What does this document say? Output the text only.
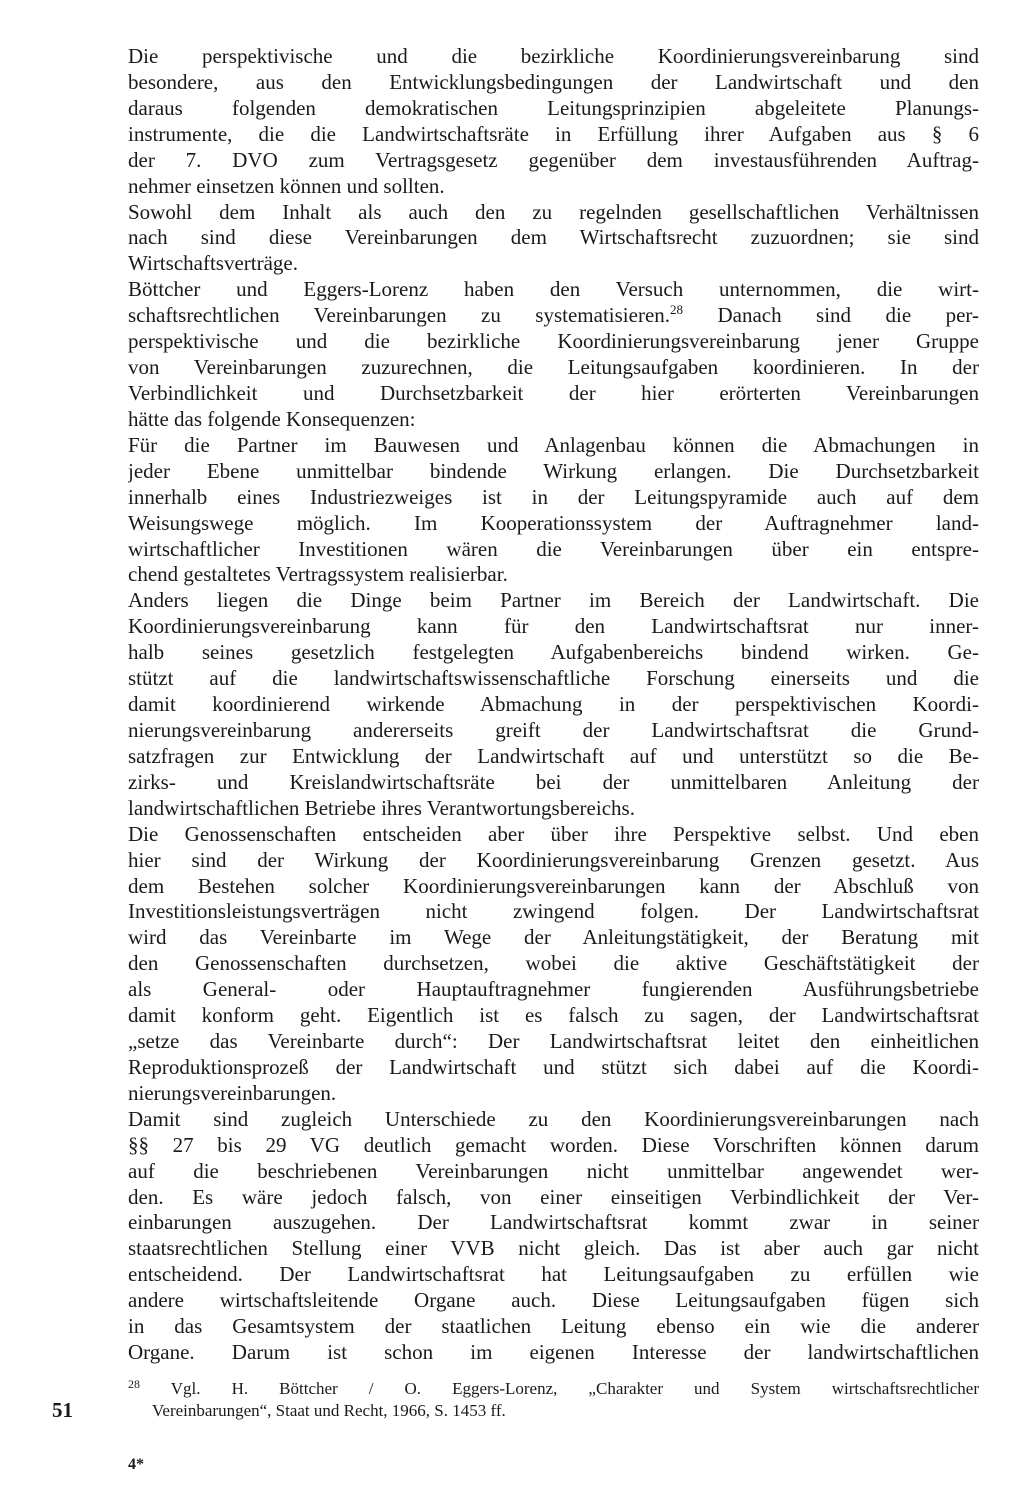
Die perspektivische und die bezirkliche Koordinierungsvereinbarung sind
besondere, aus den Entwicklungsbedingungen der Landwirtschaft und den
daraus folgenden demokratischen Leitungsprinzipien abgeleitete Planungs-
instrumente, die die Landwirtschaftsräte in Erfüllung ihrer Aufgaben aus § 6
der 7. DVO zum Vertragsgesetz gegenüber dem investausführenden Auftrag-
nehmer einsetzen können und sollten.
Sowohl dem Inhalt als auch den zu regelnden gesellschaftlichen Verhältnissen
nach sind diese Vereinbarungen dem Wirtschaftsrecht zuzuordnen; sie sind
Wirtschaftsverträge.
Böttcher und Eggers-Lorenz haben den Versuch unternommen, die wirt-
schaftsrechtlichen Vereinbarungen zu systematisieren.$^{28}$ Danach sind die per-
perspektivische und die bezirkliche Koordinierungsvereinbarung jener Gruppe
von Vereinbarungen zuzurechnen, die Leitungsaufgaben koordinieren. In der
Verbindlichkeit und Durchsetzbarkeit der hier erörterten Vereinbarungen
hätte das folgende Konsequenzen:
Für die Partner im Bauwesen und Anlagenbau können die Abmachungen in
jeder Ebene unmittelbar bindende Wirkung erlangen. Die Durchsetzbarkeit
innerhalb eines Industriezweiges ist in der Leitungspyramide auch auf dem
Weisungswege möglich. Im Kooperationssystem der Auftragnehmer land-
wirtschaftlicher Investitionen wären die Vereinbarungen über ein entspre-
chend gestaltetes Vertragssystem realisierbar.
Anders liegen die Dinge beim Partner im Bereich der Landwirtschaft. Die
Koordinierungsvereinbarung kann für den Landwirtschaftsrat nur inner-
halb seines gesetzlich festgelegten Aufgabenbereichs bindend wirken. Ge-
stützt auf die landwirtschaftswissenschaftliche Forschung einerseits und die
damit koordinierend wirkende Abmachung in der perspektivischen Koordi-
nierungsvereinbarung andererseits greift der Landwirtschaftsrat die Grund-
satzfragen zur Entwicklung der Landwirtschaft auf und unterstützt so die Be-
zirks- und Kreislandwirtschaftsräte bei der unmittelbaren Anleitung der
landwirtschaftlichen Betriebe ihres Verantwortungsbereichs.
Die Genossenschaften entscheiden aber über ihre Perspektive selbst. Und eben
hier sind der Wirkung der Koordinierungsvereinbarung Grenzen gesetzt. Aus
dem Bestehen solcher Koordinierungsvereinbarungen kann der Abschluß von
Investitionsleistungsverträgen nicht zwingend folgen. Der Landwirtschaftsrat
wird das Vereinbarte im Wege der Anleitungstätigkeit, der Beratung mit
den Genossenschaften durchsetzen, wobei die aktive Geschäftstätigkeit der
als General- oder Hauptauftragnehmer fungierenden Ausführungsbetriebe
damit konform geht. Eigentlich ist es falsch zu sagen, der Landwirtschaftsrat
„setze das Vereinbarte durch“: Der Landwirtschaftsrat leitet den einheitlichen
Reproduktionsprozeß der Landwirtschaft und stützt sich dabei auf die Koordi-
nierungsvereinbarungen.
Damit sind zugleich Unterschiede zu den Koordinierungsvereinbarungen nach
§§ 27 bis 29 VG deutlich gemacht worden. Diese Vorschriften können darum
auf die beschriebenen Vereinbarungen nicht unmittelbar angewendet wer-
den. Es wäre jedoch falsch, von einer einseitigen Verbindlichkeit der Ver-
einbarungen auszugehen. Der Landwirtschaftsrat kommt zwar in seiner
staatsrechtlichen Stellung einer VVB nicht gleich. Das ist aber auch gar nicht
entscheidend. Der Landwirtschaftsrat hat Leitungsaufgaben zu erfüllen wie
andere wirtschaftsleitende Organe auch. Diese Leitungsaufgaben fügen sich
in das Gesamtsystem der staatlichen Leitung ebenso ein wie die anderer
Organe. Darum ist schon im eigenen Interesse der landwirtschaftlichen
$^{28}$ Vgl. H. Böttcher / O. Eggers-Lorenz, „Charakter und System wirtschaftsrechtlicher
Vereinbarungen“, Staat und Recht, 1966, S. 1453 ff.
51
4*
